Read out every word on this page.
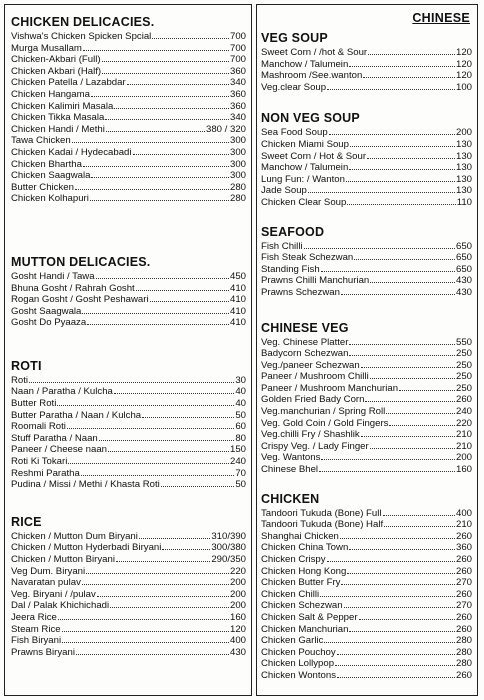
CHICKEN DELICACIES.
Vishwa's Chicken Spicken Spcial	700
Murga Musallam	700
Chicken-Akbari (Full)	700
Chicken Akbari (Half)	360
Chicken Patella / Lazabdar	340
Chicken Hangama	360
Chicken Kalimiri Masala	360
Chicken Tikka Masala	340
Chicken Handi / Methi	380 / 320
Tawa Chicken	300
Chicken Kadai / Hydecabadi	300
Chicken Bhartha	300
Chicken Saagwala	300
Butter Chicken	280
Chicken Kolhapuri	280
MUTTON DELICACIES.
Gosht Handi / Tawa	450
Bhuna Gosht / Rahrah Gosht	410
Rogan Gosht / Gosht Peshawari	410
Gosht Saagwala	410
Gosht Do Pyaaza	410
ROTI
Roti	30
Naan / Paratha / Kulcha	40
Butter Roti	40
Butter Paratha / Naan / Kulcha	50
Roomali Roti	60
Stuff Paratha / Naan	80
Paneer / Cheese naan	150
Roti Ki Tokari	240
Reshmi Paratha	70
Pudina / Missi / Methi / Khasta Roti	50
RICE
Chicken / Mutton Dum Biryani	310/390
Chicken / Mutton Hyderbadi Biryani	300/380
Chicken / Mutton Biryani	290/350
Veg Dum. Biryani	220
Navaratan pulav	200
Veg. Biryani / /pulav	200
Dal / Palak Khichichadi	200
Jeera Rice	160
Steam Rice	120
Fish Biryani	400
Prawns Biryani	430
CHINESE
VEG SOUP
Sweet Corn / /hot & Sour	120
Manchow / Talumein	120
Mashroom /See.wanton	120
Veg.clear Soup	100
NON VEG SOUP
Sea Food Soup	200
Chicken Miami Soup	130
Sweet Corn / Hot & Sour	130
Manchow / Talumein	130
Lung Fun: / Wanton	130
Jade Soup	130
Chicken Clear Soup	110
SEAFOOD
Fish Chilli	650
Fish Steak Schezwan	650
Standing Fish	650
Prawns Chilli Manchurian	430
Prawns Schezwan	430
CHINESE VEG
Veg. Chinese Platter	550
Badycorn Schezwan	250
Veg./paneer Schezwan	250
Paneer / Mushroom Chilli	250
Paneer / Mushroom Manchurian	250
Golden Fried Bady Corn	260
Veg.manchurian / Spring Roll	240
Veg. Gold Coin / Gold Fingers	220
Veg.chilli Fry / Shashlik	210
Crispy Veg. / Lady Finger	210
Veg. Wantons	200
Chinese Bhel	160
CHICKEN
Tandoori Tukuda (Bone) Full	400
Tandoori Tukuda (Bone) Half	210
Shanghai Chicken	260
Chicken China Town	360
Chicken Crispy	260
Chicken Hong Kong	260
Chicken Butter Fry	270
Chicken Chilli	260
Chicken Schezwan	270
Chicken Salt & Pepper	260
Chicken Manchurian	260
Chicken Garlic	280
Chicken Pouchoy	280
Chicken Lollypop	280
Chicken Wontons	260
